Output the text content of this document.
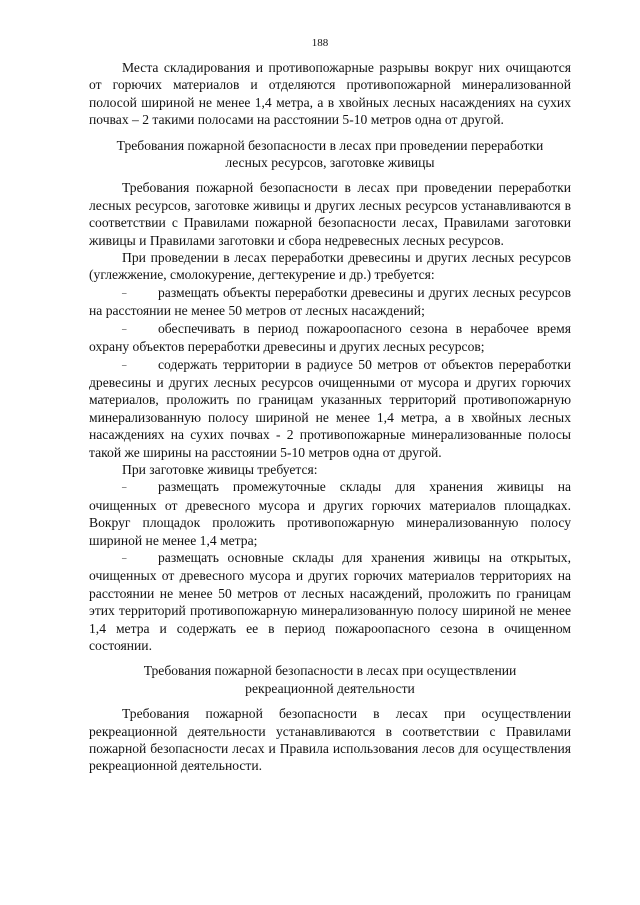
188

Места складирования и противопожарные разрывы вокруг них очищаются от горючих материалов и отделяются противопожарной минерализованной полосой шириной не менее 1,4 метра, а в хвойных лесных насаждениях на сухих почвах – 2 такими полосами на расстоянии 5-10 метров одна от другой.

Требования пожарной безопасности в лесах при проведении переработки
лесных ресурсов, заготовке живицы

Требования пожарной безопасности в лесах при проведении переработки лесных ресурсов, заготовке живицы и других лесных ресурсов устанавливаются в соответствии с Правилами пожарной безопасности лесах, Правилами заготовки живицы и Правилами заготовки и сбора недревесных лесных ресурсов.

При проведении в лесах переработки древесины и других лесных ресурсов (углежжение, смолокурение, дегтекурение и др.) требуется:

– размещать объекты переработки древесины и других лесных ресурсов на расстоянии не менее 50 метров от лесных насаждений;

– обеспечивать в период пожароопасного сезона в нерабочее время охрану объектов переработки древесины и других лесных ресурсов;

– содержать территории в радиусе 50 метров от объектов переработки древесины и других лесных ресурсов очищенными от мусора и других горючих материалов, проложить по границам указанных территорий противопожарную минерализованную полосу шириной не менее 1,4 метра, а в хвойных лесных насаждениях на сухих почвах - 2 противопожарные минерализованные полосы такой же ширины на расстоянии 5-10 метров одна от другой.

При заготовке живицы требуется:

– размещать промежуточные склады для хранения живицы на очищенных от древесного мусора и других горючих материалов площадках. Вокруг площадок проложить противопожарную минерализованную полосу шириной не менее 1,4 метра;

– размещать основные склады для хранения живицы на открытых, очищенных от древесного мусора и других горючих материалов территориях на расстоянии не менее 50 метров от лесных насаждений, проложить по границам этих территорий противопожарную минерализованную полосу шириной не менее 1,4 метра и содержать ее в период пожароопасного сезона в очищенном состоянии.

Требования пожарной безопасности в лесах при осуществлении
рекреационной деятельности

Требования пожарной безопасности в лесах при осуществлении рекреационной деятельности устанавливаются в соответствии с Правилами пожарной безопасности лесах и Правила использования лесов для осуществления рекреационной деятельности.
